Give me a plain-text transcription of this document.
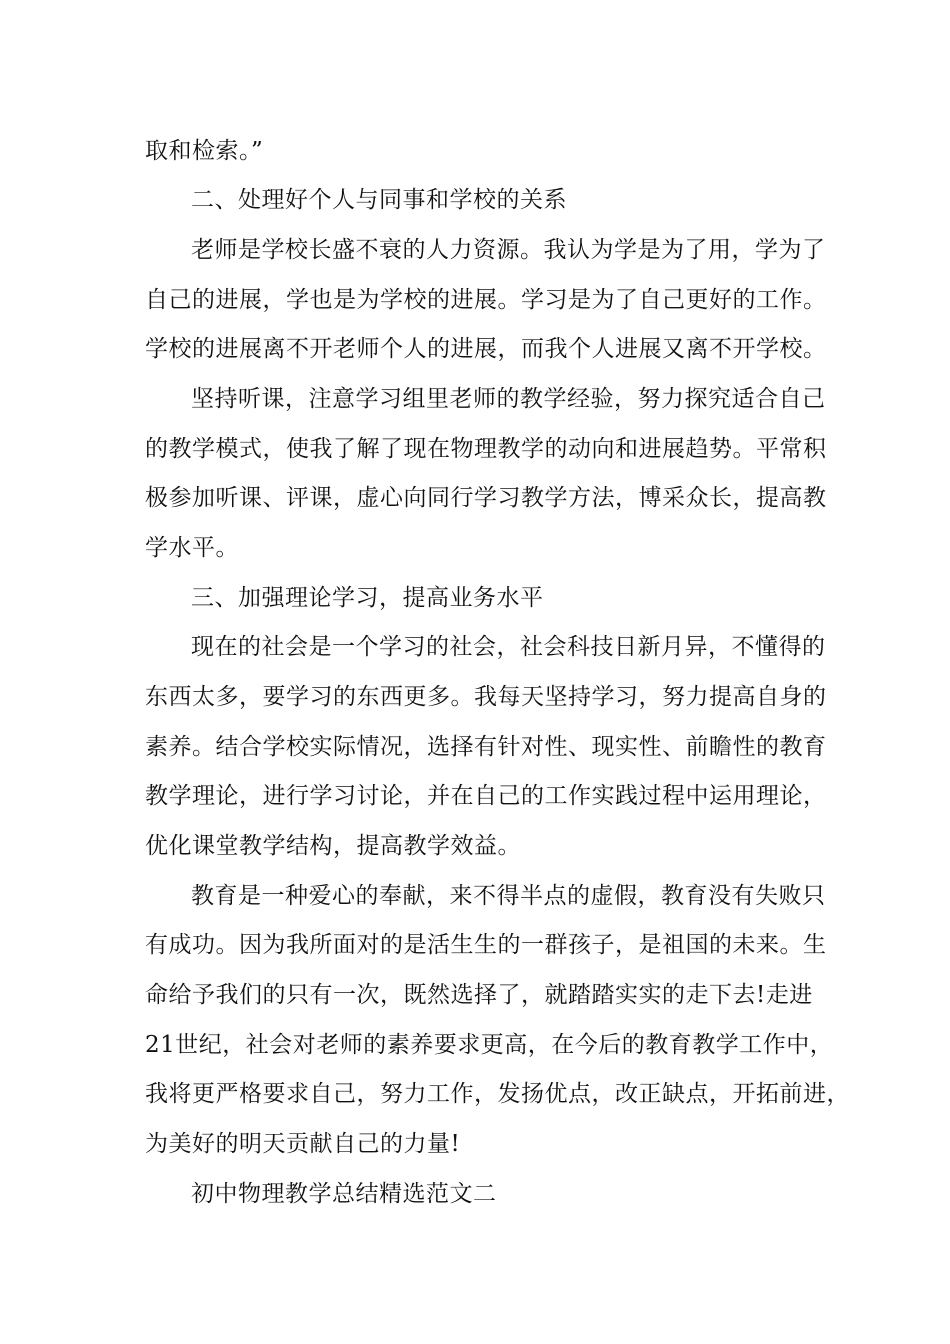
取和检索。”
二、处理好个人与同事和学校的关系
老师是学校长盛不衰的人力资源。我认为学是为了用，学为了
自己的进展，学也是为学校的进展。学习是为了自己更好的工作。
学校的进展离不开老师个人的进展，而我个人进展又离不开学校。
坚持听课，注意学习组里老师的教学经验，努力探究适合自己
的教学模式，使我了解了现在物理教学的动向和进展趋势。平常积
极参加听课、评课，虚心向同行学习教学方法，博采众长，提高教
学水平。
三、加强理论学习，提高业务水平
现在的社会是一个学习的社会，社会科技日新月异，不懂得的
东西太多，要学习的东西更多。我每天坚持学习，努力提高自身的
素养。结合学校实际情况，选择有针对性、现实性、前瞻性的教育
教学理论，进行学习讨论，并在自己的工作实践过程中运用理论，
优化课堂教学结构，提高教学效益。
教育是一种爱心的奉献，来不得半点的虚假，教育没有失败只
有成功。因为我所面对的是活生生的一群孩子，是祖国的未来。生
命给予我们的只有一次，既然选择了，就踏踏实实的走下去!走进
21世纪，社会对老师的素养要求更高，在今后的教育教学工作中，
我将更严格要求自己，努力工作，发扬优点，改正缺点，开拓前进，
为美好的明天贡献自己的力量!
初中物理教学总结精选范文二
